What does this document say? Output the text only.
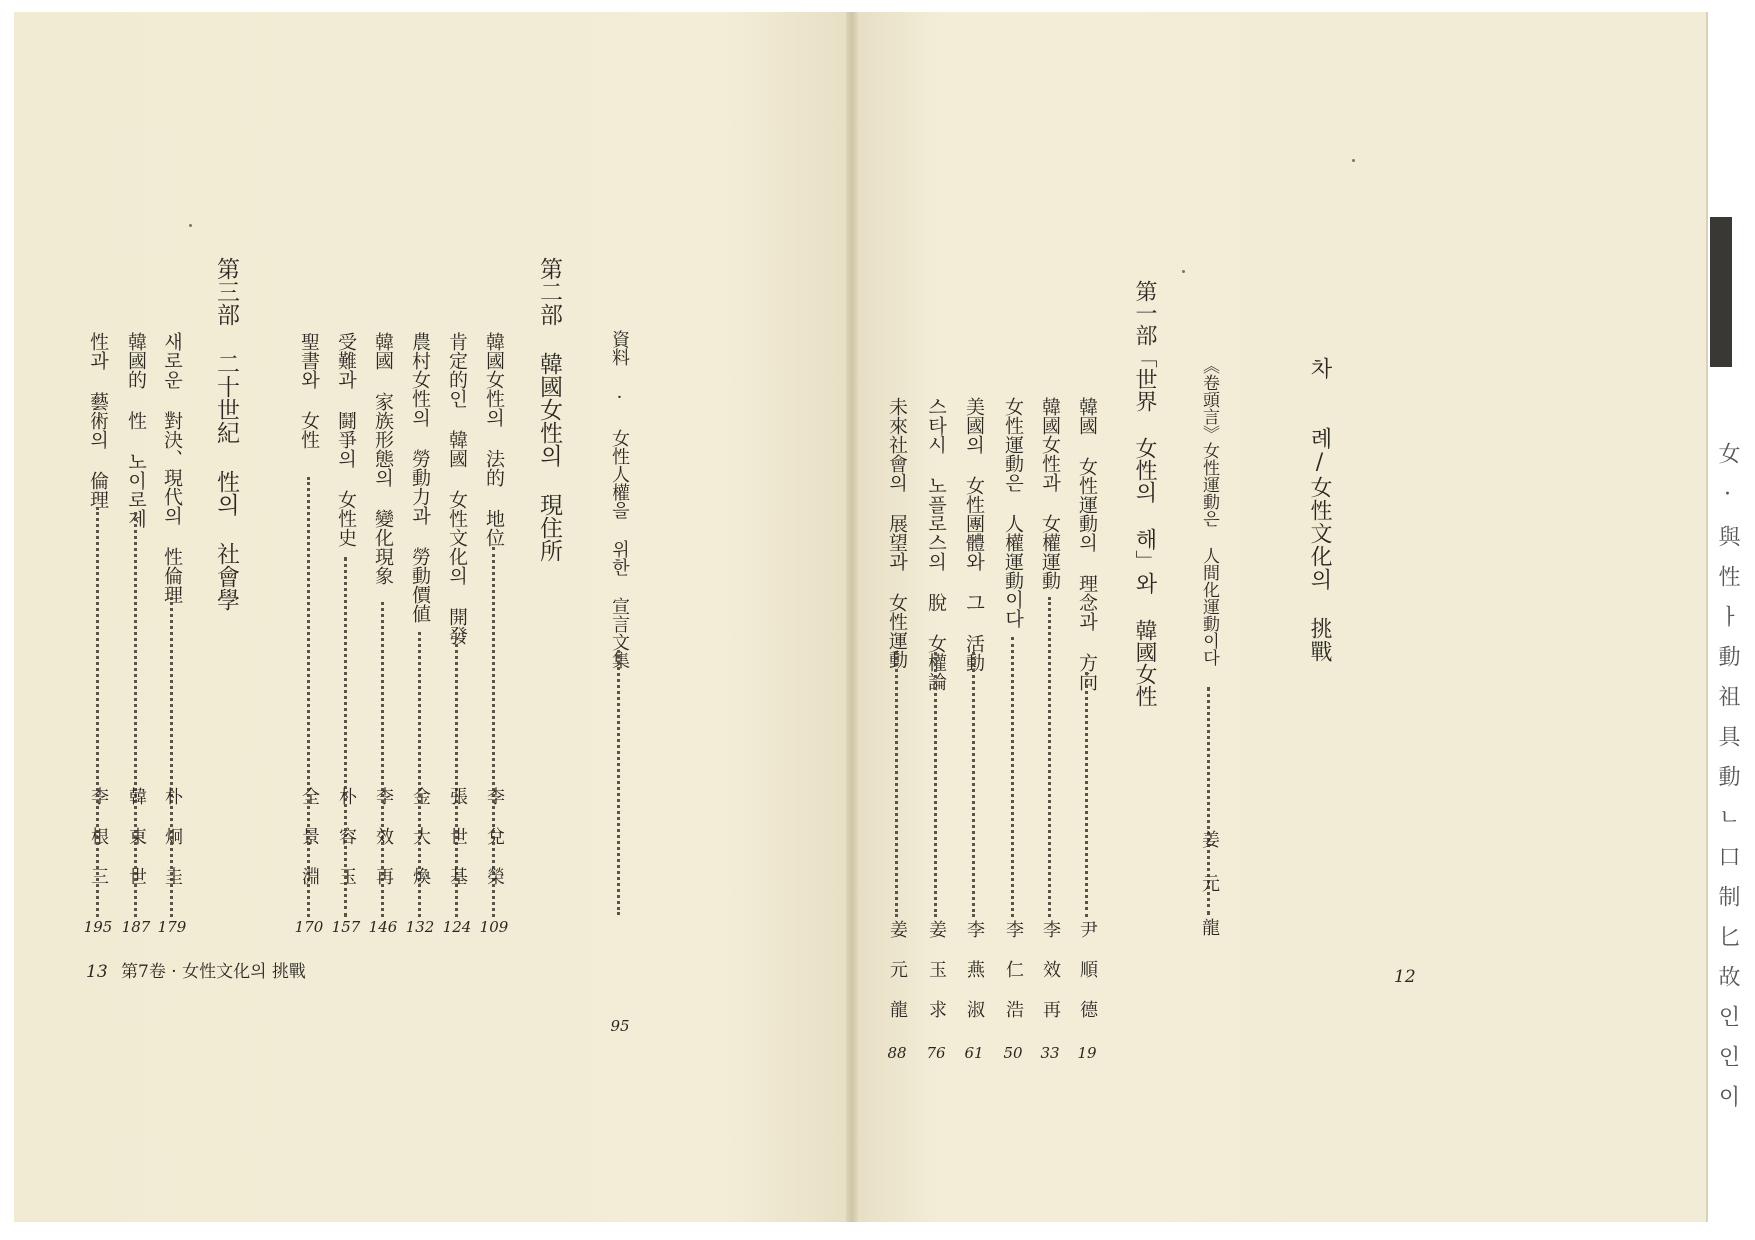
女·與性ㅏ動祖具動ㄴ口制匕故인인이
차
례/女性文化의 挑戰
《卷頭言》女性運動은 人間化運動이다
姜元龍
第一部「世界 女性의 해」와 韓國女性
韓國 女性運動의 理念과 方向
韓國女性과 女權運動
女性運動은 人權運動이다
美國의 女性團體와 그 活動
스타시 노플로스의 脫 女權論
未來社會의 展望과 女性運動
尹順德
李效再
李仁浩
李燕淑
姜玉求
姜元龍
19
33
50
61
76
88
資料 · 女性人權을 위한 宣言文集
95
第二部 韓國女性의 現住所
韓國女性의 法的 地位
肯定的인 韓國 女性文化의 開發
農村女性의 勞動力과 勞動價値
韓國 家族形態의 變化現象
受難과 鬪爭의 女性史
聖書와 女性
李兌榮
張世基
金大煥
李效再
朴容玉
全景淵
109
124
132
146
157
170
第三部 二十世紀 性의 社會學
새로운 對決、現代의 性倫理
韓國的 性 노이로제
性과 藝術의 倫理
朴炯圭
韓東世
李根三
179
187
195
13 第7卷 · 女性文化의 挑戰	12
